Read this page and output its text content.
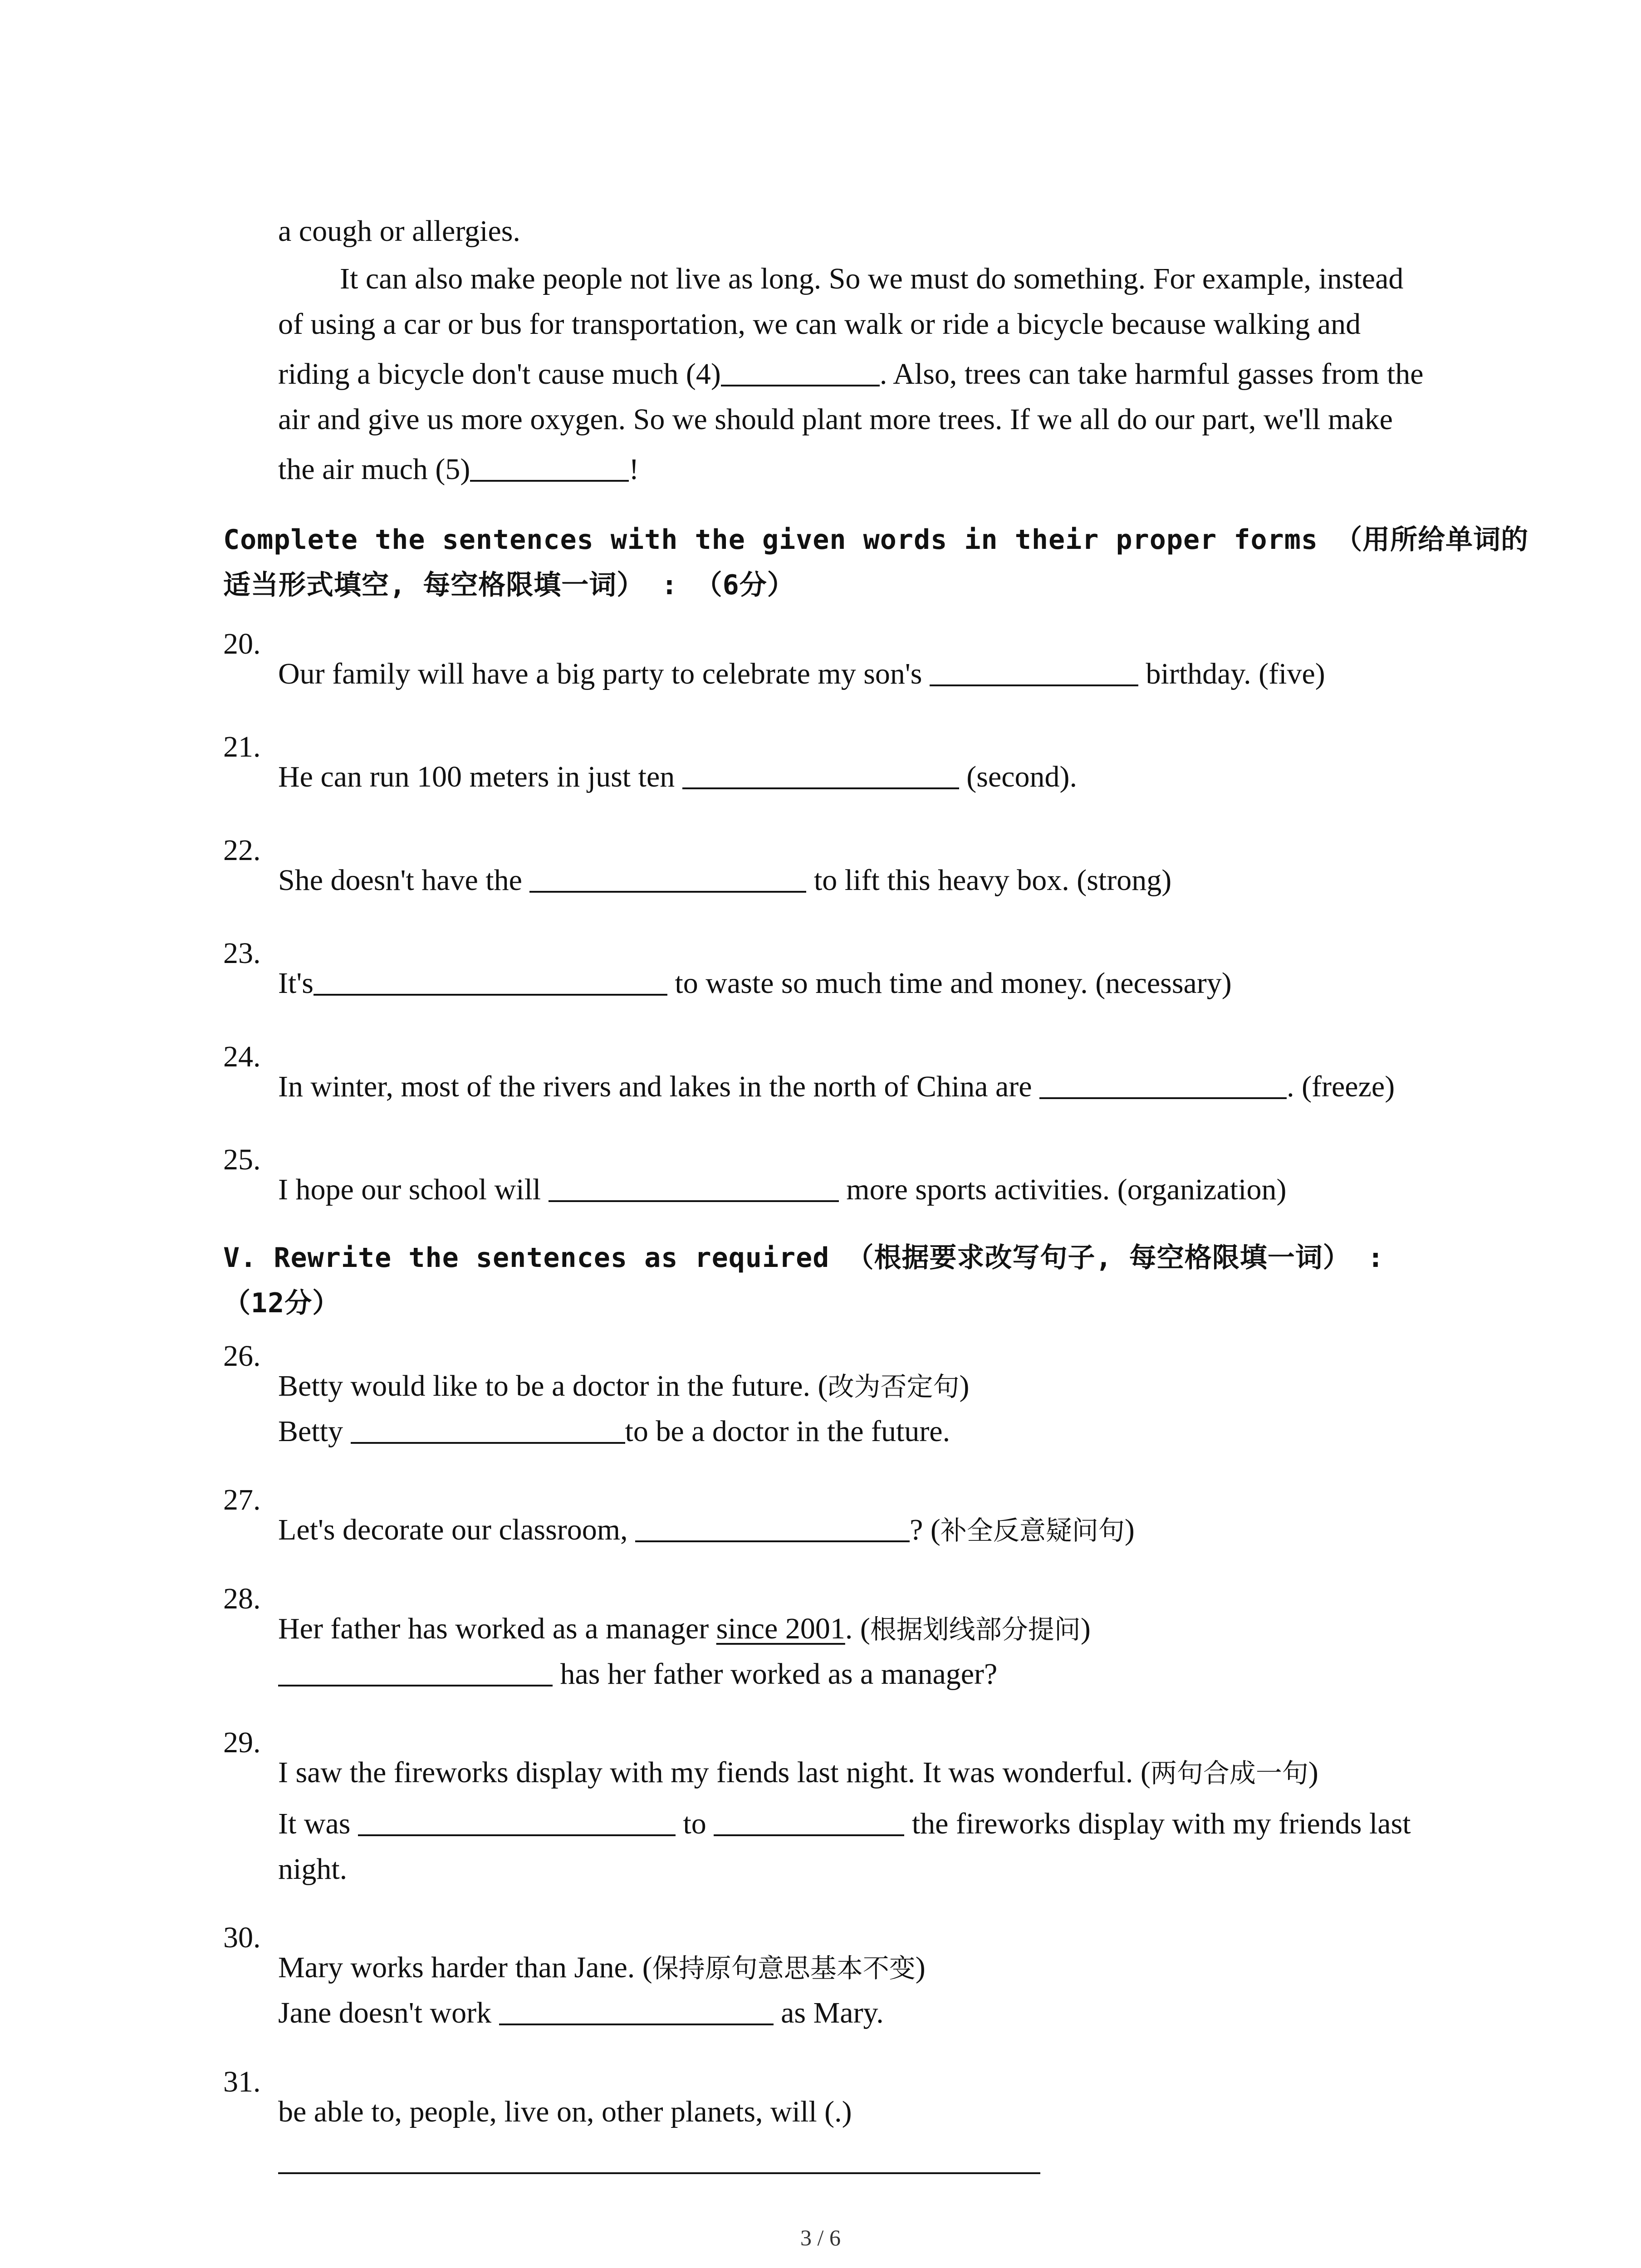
a cough or allergies.

It can also make people not live as long. So we must do something. For example, instead

of using a car or bus for transportation, we can walk or ride a bicycle because walking and

riding a bicycle don't cause much (4)	. Also, trees can take harmful gasses from the

air and give us more oxygen. So we should plant more trees. If we all do our part, we'll make

the air much (5)	!

Complete the sentences with the given words in their proper forms （用所给单词的

适当形式填空, 每空格限填一词） : （6分）

20.

Our family will have a big party to celebrate my son's	birthday. (five)

21.

He can run 100 meters in just ten	(second).

22.

She doesn't have the	to lift this heavy box. (strong)

23.

It's	to waste so much time and money. (necessary)

24.

In winter, most of the rivers and lakes in the north of China are	. (freeze)

25.

I hope our school will	more sports activities. (organization)

V. Rewrite the sentences as required （根据要求改写句子, 每空格限填一词） :

（12分）

26.

Betty would like to be a doctor in the future. (改为否定句)

Betty	to be a doctor in the future.

27.

Let's decorate our classroom,	? (补全反意疑问句)

28.

Her father has worked as a manager since 2001. (根据划线部分提问)

has her father worked as a manager?

29.

I saw the fireworks display with my fiends last night. It was wonderful. (两句合成一句)

It was	to	the fireworks display with my friends last

night.

30.

Mary works harder than Jane. (保持原句意思基本不变)

Jane doesn't work	as Mary.

31.

be able to, people, live on, other planets, will (.)

3 / 6
